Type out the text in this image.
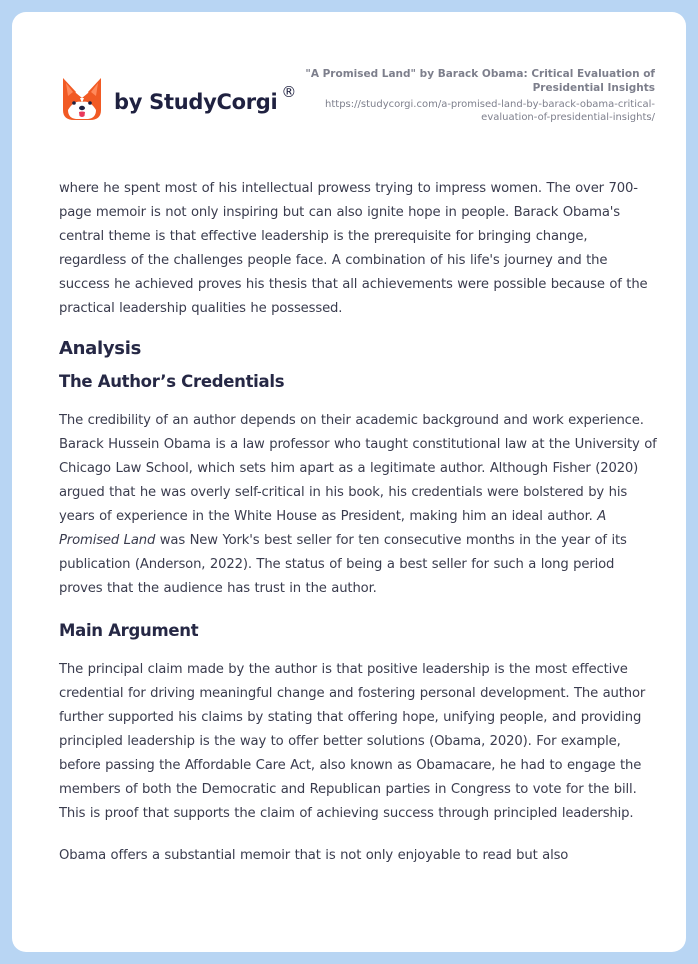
by StudyCorgi ®
"A Promised Land" by Barack Obama: Critical Evaluation of Presidential Insights
https://studycorgi.com/a-promised-land-by-barack-obama-critical-evaluation-of-presidential-insights/

where he spent most of his intellectual prowess trying to impress women. The over 700-page memoir is not only inspiring but can also ignite hope in people. Barack Obama's central theme is that effective leadership is the prerequisite for bringing change, regardless of the challenges people face. A combination of his life's journey and the success he achieved proves his thesis that all achievements were possible because of the practical leadership qualities he possessed.

Analysis
The Author’s Credentials

The credibility of an author depends on their academic background and work experience. Barack Hussein Obama is a law professor who taught constitutional law at the University of Chicago Law School, which sets him apart as a legitimate author. Although Fisher (2020) argued that he was overly self-critical in his book, his credentials were bolstered by his years of experience in the White House as President, making him an ideal author. A Promised Land was New York's best seller for ten consecutive months in the year of its publication (Anderson, 2022). The status of being a best seller for such a long period proves that the audience has trust in the author.

Main Argument

The principal claim made by the author is that positive leadership is the most effective credential for driving meaningful change and fostering personal development. The author further supported his claims by stating that offering hope, unifying people, and providing principled leadership is the way to offer better solutions (Obama, 2020). For example, before passing the Affordable Care Act, also known as Obamacare, he had to engage the members of both the Democratic and Republican parties in Congress to vote for the bill. This is proof that supports the claim of achieving success through principled leadership.

Obama offers a substantial memoir that is not only enjoyable to read but also
